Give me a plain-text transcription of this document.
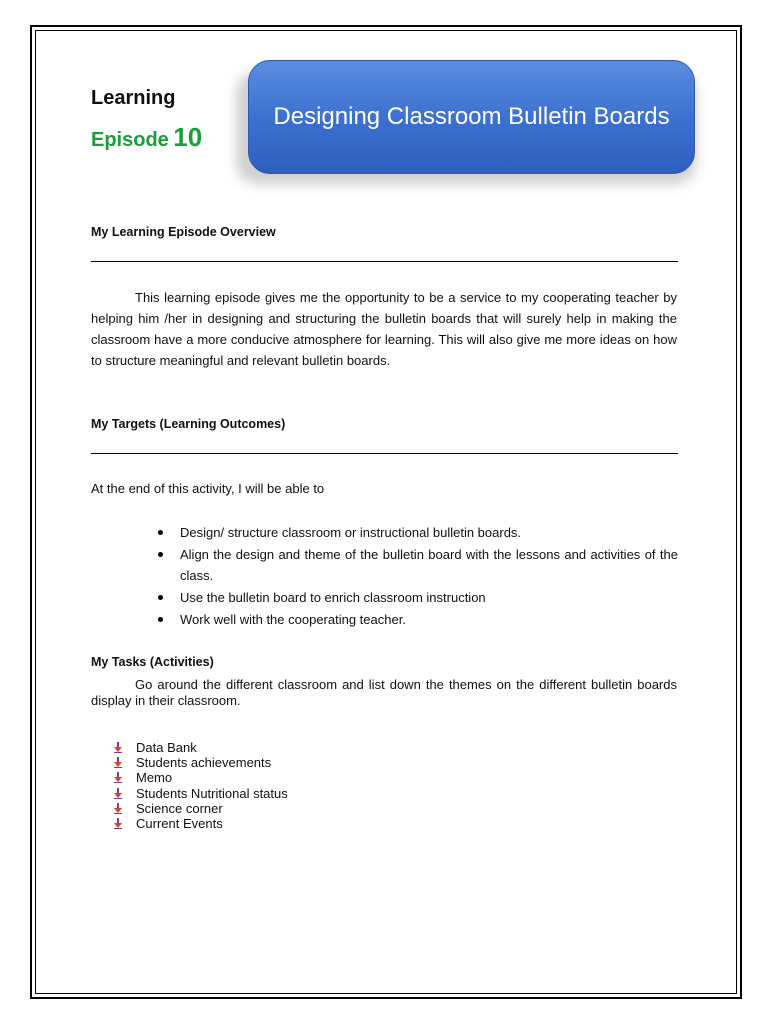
Learning
Episode 10
Designing Classroom Bulletin Boards
My Learning Episode Overview
This learning episode gives me the opportunity to be a service to my cooperating teacher by helping him /her in designing and structuring the bulletin boards that will surely help in making the classroom have a more conducive atmosphere for learning. This will also give me more ideas on how to structure meaningful and relevant bulletin boards.
My Targets (Learning Outcomes)
At the end of this activity, I will be able to
Design/ structure classroom or instructional bulletin boards.
Align the design and theme of the bulletin board with the lessons and activities of the class.
Use the bulletin board to enrich classroom instruction
Work well with the cooperating teacher.
My Tasks (Activities)
Go around the different classroom and list down the themes on the different bulletin boards display in their classroom.
Data Bank
Students achievements
Memo
Students Nutritional status
Science corner
Current Events
